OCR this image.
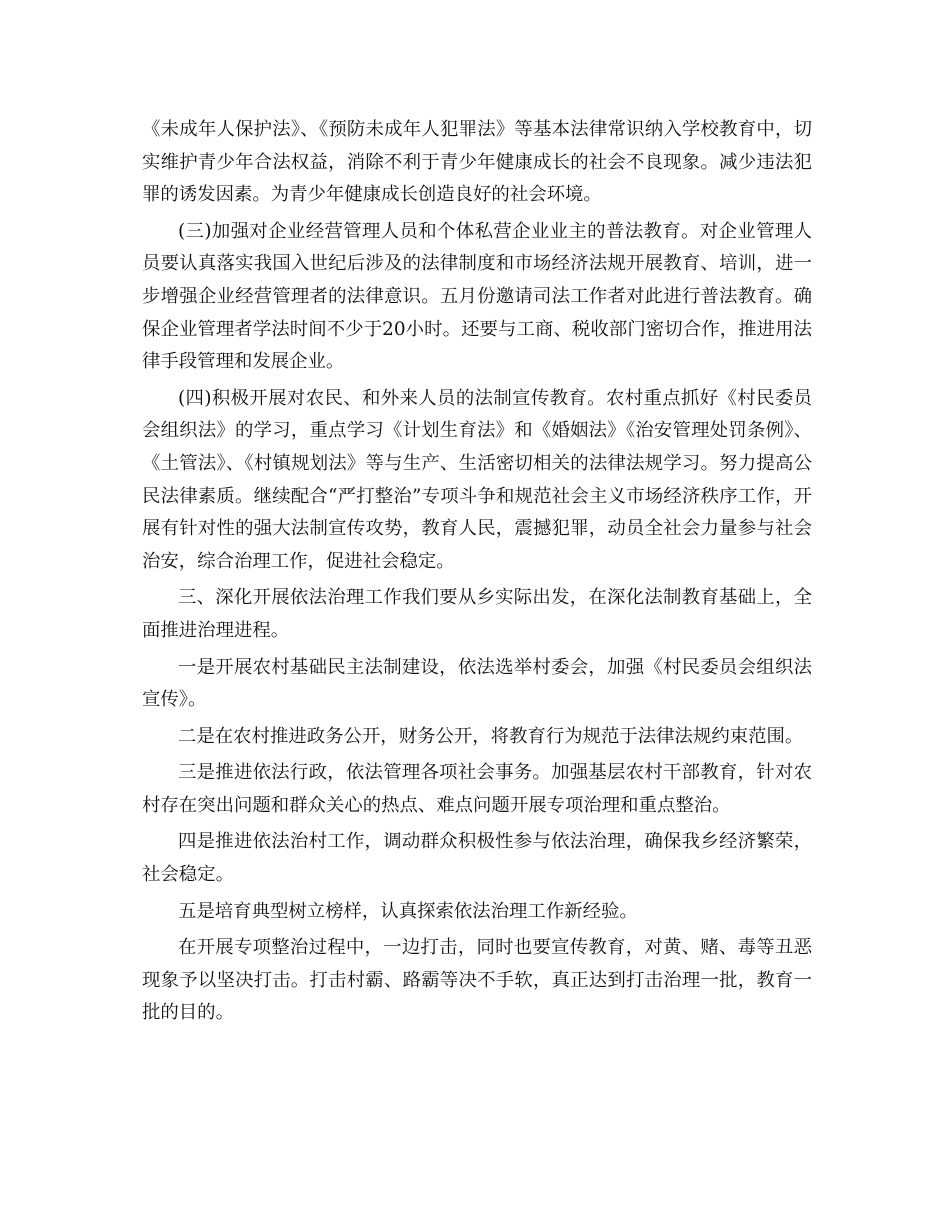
《未成年人保护法》、《预防未成年人犯罪法》等基本法律常识纳入学校教育中，切实维护青少年合法权益，消除不利于青少年健康成长的社会不良现象。减少违法犯罪的诱发因素。为青少年健康成长创造良好的社会环境。

(三)加强对企业经营管理人员和个体私营企业业主的普法教育。对企业管理人员要认真落实我国入世纪后涉及的法律制度和市场经济法规开展教育、培训，进一步增强企业经营管理者的法律意识。五月份邀请司法工作者对此进行普法教育。确保企业管理者学法时间不少于20小时。还要与工商、税收部门密切合作，推进用法律手段管理和发展企业。

(四)积极开展对农民、和外来人员的法制宣传教育。农村重点抓好《村民委员会组织法》的学习，重点学习《计划生育法》和《婚姻法》《治安管理处罚条例》、《土管法》、《村镇规划法》等与生产、生活密切相关的法律法规学习。努力提高公民法律素质。继续配合“严打整治”专项斗争和规范社会主义市场经济秩序工作，开展有针对性的强大法制宣传攻势，教育人民，震撼犯罪，动员全社会力量参与社会治安，综合治理工作，促进社会稳定。

三、深化开展依法治理工作我们要从乡实际出发，在深化法制教育基础上，全面推进治理进程。

一是开展农村基础民主法制建设，依法选举村委会，加强《村民委员会组织法宣传》。

二是在农村推进政务公开，财务公开，将教育行为规范于法律法规约束范围。

三是推进依法行政，依法管理各项社会事务。加强基层农村干部教育，针对农村存在突出问题和群众关心的热点、难点问题开展专项治理和重点整治。

四是推进依法治村工作，调动群众积极性参与依法治理，确保我乡经济繁荣，社会稳定。

五是培育典型树立榜样，认真探索依法治理工作新经验。

在开展专项整治过程中，一边打击，同时也要宣传教育，对黄、赌、毒等丑恶现象予以坚决打击。打击村霸、路霸等决不手软，真正达到打击治理一批，教育一批的目的。
